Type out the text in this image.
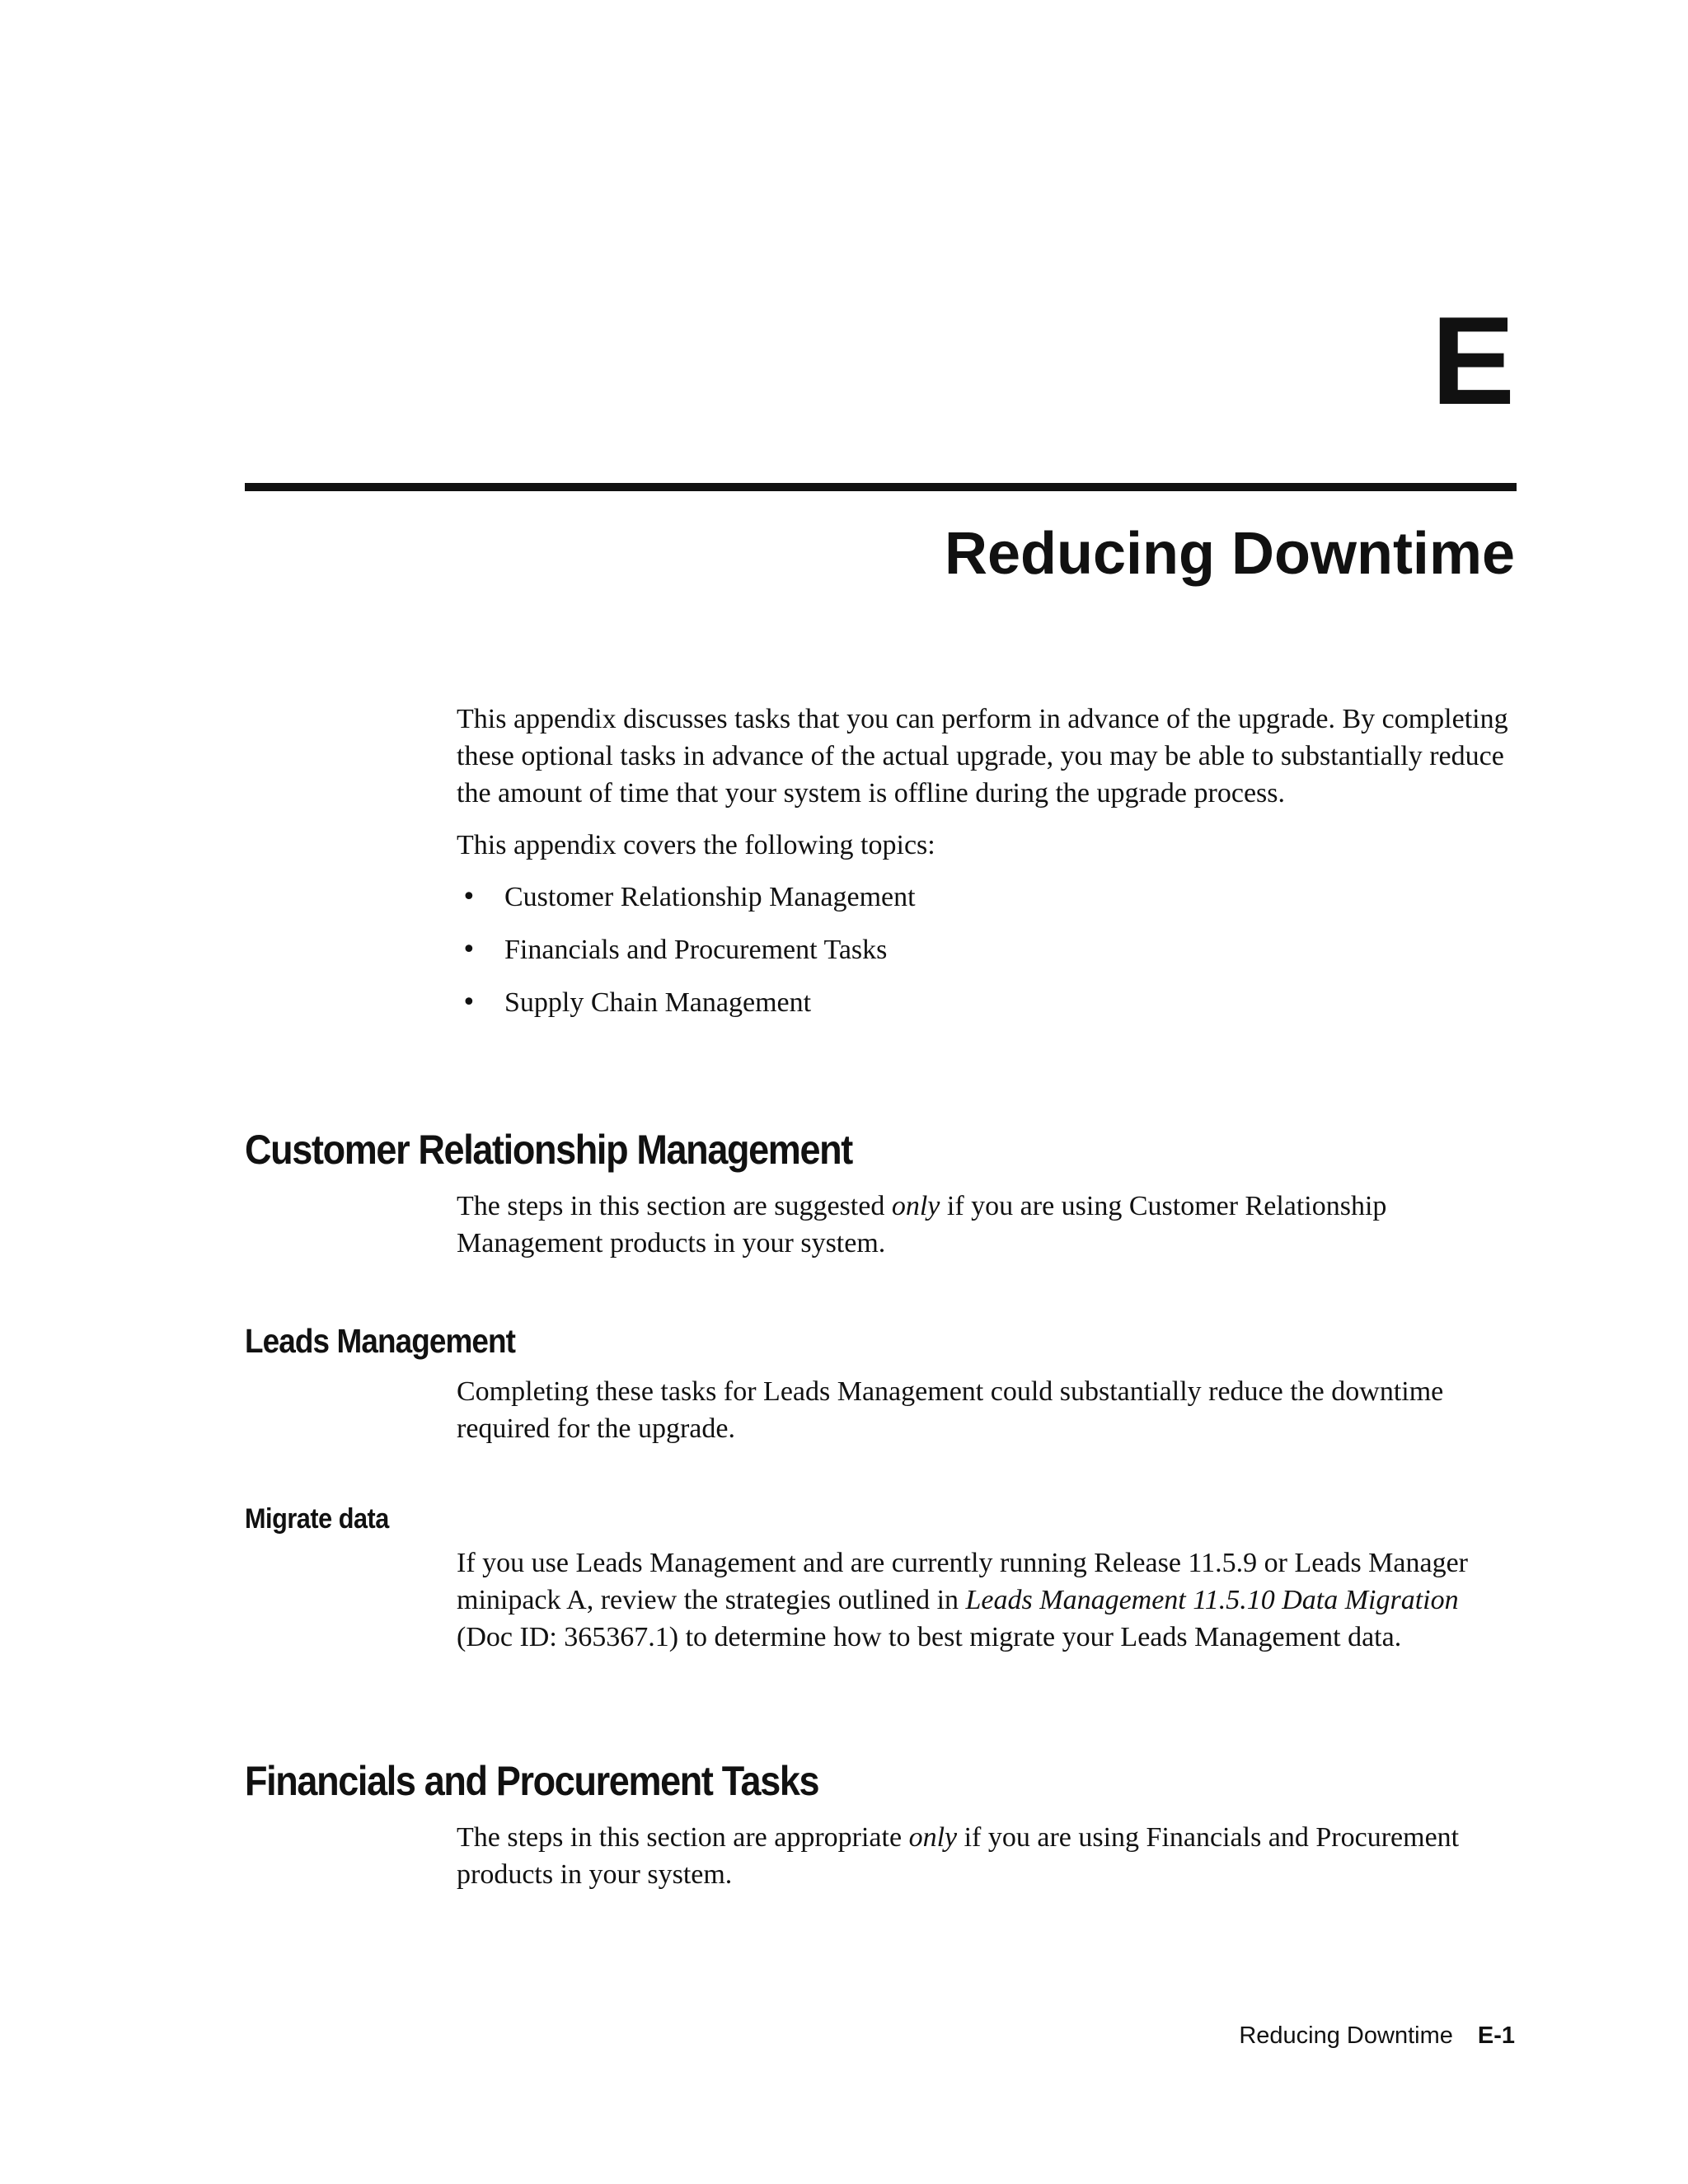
E
Reducing Downtime

This appendix discusses tasks that you can perform in advance of the upgrade. By completing these optional tasks in advance of the actual upgrade, you may be able to substantially reduce the amount of time that your system is offline during the upgrade process.

This appendix covers the following topics:

• Customer Relationship Management
• Financials and Procurement Tasks
• Supply Chain Management
Customer Relationship Management

The steps in this section are suggested only if you are using Customer Relationship Management products in your system.

Leads Management

Completing these tasks for Leads Management could substantially reduce the downtime required for the upgrade.

Migrate data

If you use Leads Management and are currently running Release 11.5.9 or Leads Manager minipack A, review the strategies outlined in Leads Management 11.5.10 Data Migration (Doc ID: 365367.1) to determine how to best migrate your Leads Management data.

Financials and Procurement Tasks

The steps in this section are appropriate only if you are using Financials and Procurement products in your system.

Reducing Downtime E-1
